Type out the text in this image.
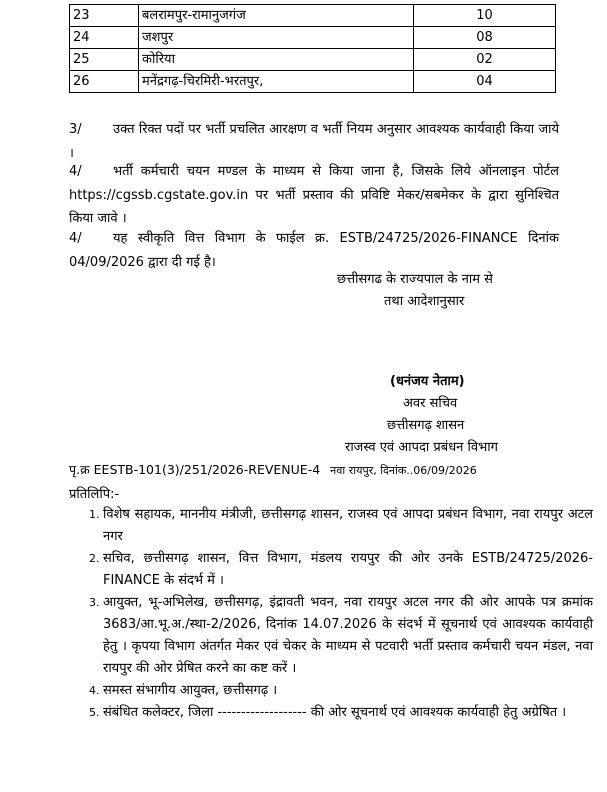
23	बलरामपुर-रामानुजगंज	10
24	जशपुर	08
25	कोरिया	02
26	मनेंद्रगढ़-चिरमिरी-भरतपुर,	04

3/ उक्त रिक्त पदों पर भर्ती प्रचलित आरक्षण व भर्ती नियम अनुसार आवश्यक कार्यवाही किया जाये ।

4/ भर्ती कर्मचारी चयन मण्डल के माध्यम से किया जाना है, जिसके लिये ऑनलाइन पोर्टल https://cgssb.cgstate.gov.in पर भर्ती प्रस्ताव की प्रविष्टि मेकर/सबमेकर के द्वारा सुनिश्चित किया जावे ।

4/ यह स्वीकृति वित्त विभाग के फाईल क्र. ESTB/24725/2026-FINANCE दिनांक 04/09/2026 द्वारा दी गई है।

छत्तीसगढ के राज्यपाल के नाम से
तथा आदेशानुसार
(धनंजय नेताम)
अवर सचिव
छत्तीसगढ़ शासन
राजस्व एवं आपदा प्रबंधन विभाग
पृ.क्र EESTB-101(3)/251/2026-REVENUE-4 नवा रायपुर, दिनांक..06/09/2026
प्रतिलिपि:-
1. विशेष सहायक, माननीय मंत्रीजी, छत्तीसगढ़ शासन, राजस्व एवं आपदा प्रबंधन विभाग, नवा रायपुर अटल नगर
2. सचिव, छत्तीसगढ़ शासन, वित्त विभाग, मंडलय रायपुर की ओर उनके ESTB/24725/2026-FINANCE के संदर्भ में ।
3. आयुक्त, भू-अभिलेख, छत्तीसगढ़, इंद्रावती भवन, नवा रायपुर अटल नगर की ओर आपके पत्र क्रमांक 3683/आ.भू.अ./स्था-2/2026, दिनांक 14.07.2026 के संदर्भ में सूचनार्थ एवं आवश्यक कार्यवाही हेतु । कृपया विभाग अंतर्गत मेकर एवं चेकर के माध्यम से पटवारी भर्ती प्रस्ताव कर्मचारी चयन मंडल, नवा रायपुर की ओर प्रेषित करने का कष्ट करें ।
4. समस्त संभागीय आयुक्त, छत्तीसगढ़ ।
5. संबंधित कलेक्टर, जिला ------------------- की ओर सूचनार्थ एवं आवश्यक कार्यवाही हेतु अग्रेषित ।
